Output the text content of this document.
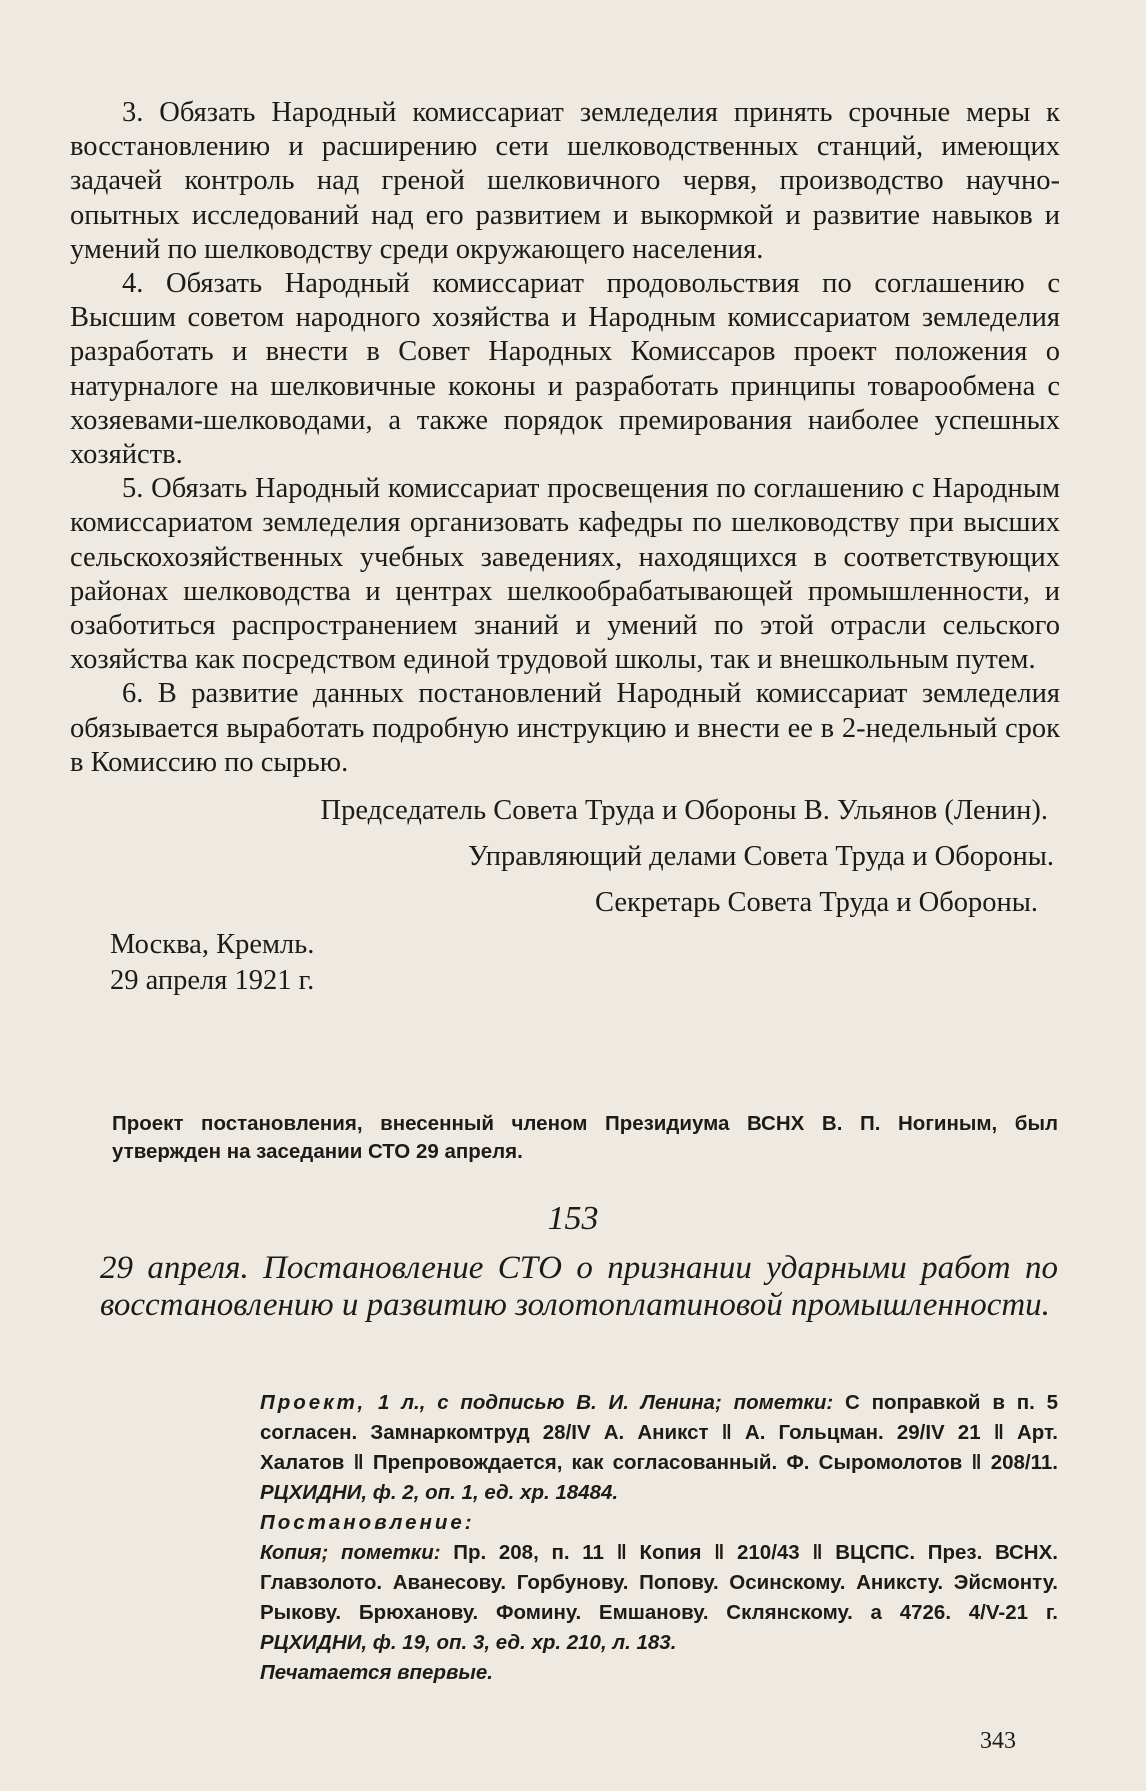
3. Обязать Народный комиссариат земледелия принять срочные меры к восстановлению и расширению сети шелководственных станций, имеющих задачей контроль над греной шелковичного червя, производство научно-опытных исследований над его развитием и выкормкой и развитие навыков и умений по шелководству среди окружающего населения.

4. Обязать Народный комиссариат продовольствия по соглашению с Высшим советом народного хозяйства и Народным комиссариатом земледелия разработать и внести в Совет Народных Комиссаров проект положения о натурналоге на шелковичные коконы и разработать принципы товарообмена с хозяевами-шелководами, а также порядок премирования наиболее успешных хозяйств.

5. Обязать Народный комиссариат просвещения по соглашению с Народным комиссариатом земледелия организовать кафедры по шелководству при высших сельскохозяйственных учебных заведениях, находящихся в соответствующих районах шелководства и центрах шелкообрабатывающей промышленности, и озаботиться распространением знаний и умений по этой отрасли сельского хозяйства как посредством единой трудовой школы, так и внешкольным путем.

6. В развитие данных постановлений Народный комиссариат земледелия обязывается выработать подробную инструкцию и внести ее в 2-недельный срок в Комиссию по сырью.

Председатель Совета Труда и Обороны В. Ульянов (Ленин).
Управляющий делами Совета Труда и Обороны.
Секретарь Совета Труда и Обороны.
Москва, Кремль.
29 апреля 1921 г.
Проект постановления, внесенный членом Президиума ВСНХ В. П. Ногиным, был утвержден на заседании СТО 29 апреля.
153
29 апреля. Постановление СТО о признании ударными работ по восстановлению и развитию золотоплатиновой промышленности.
Проект, 1 л., с подписью В. И. Ленина; пометки: С поправкой в п. 5 согласен. Замнаркомтруд 28/IV А. Аникст ‖ А. Гольцман. 29/IV 21 ‖ Арт. Халатов ‖ Препровождается, как согласованный. Ф. Сыромолотов ‖ 208/11. РЦХИДНИ, ф. 2, оп. 1, ед. хр. 18484.
Постановление:
Копия; пометки: Пр. 208, п. 11 ‖ Копия ‖ 210/43 ‖ ВЦСПС. През. ВСНХ. Главзолото. Аванесову. Горбунову. Попову. Осинскому. Аниксту. Эйсмонту. Рыкову. Брюханову. Фомину. Емшанову. Склянскому. а 4726. 4/V-21 г. РЦХИДНИ, ф. 19, оп. 3, ед. хр. 210, л. 183.
Печатается впервые.
343
